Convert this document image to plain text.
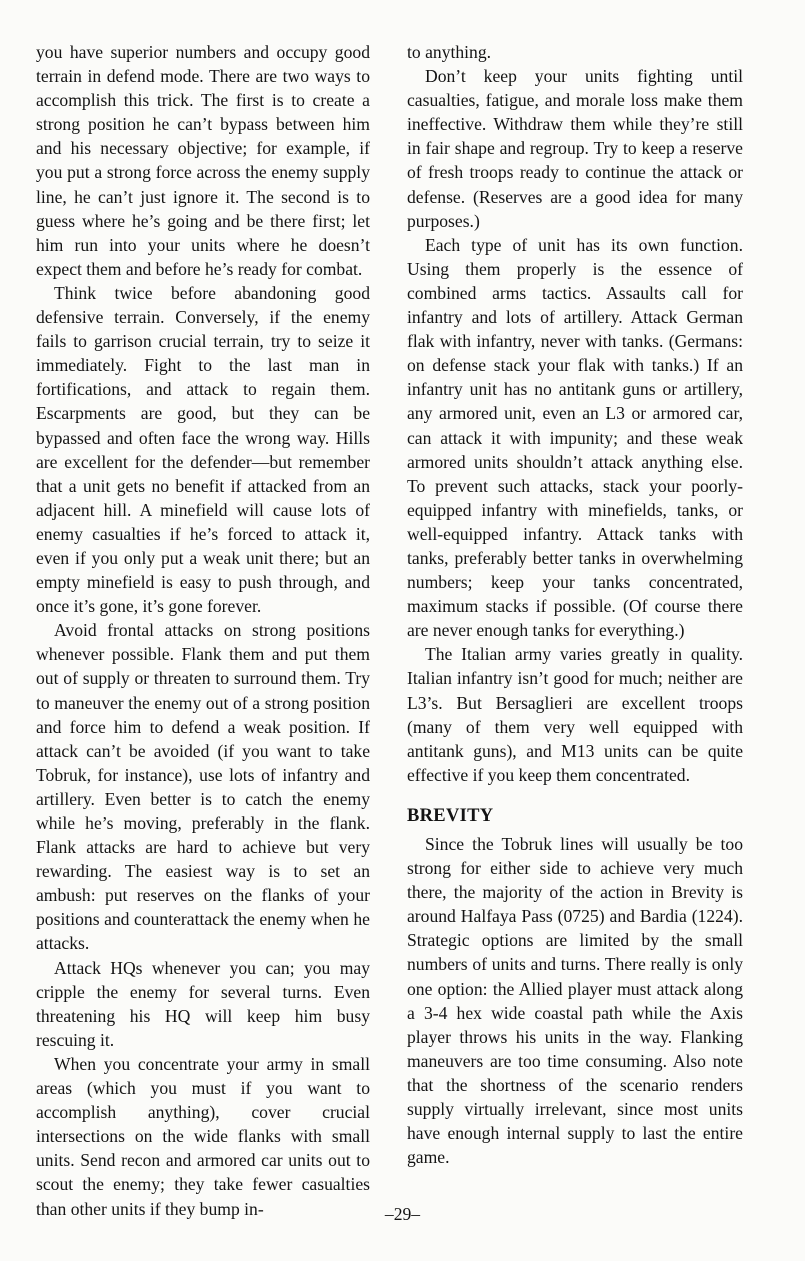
you have superior numbers and occupy good terrain in defend mode. There are two ways to accomplish this trick. The first is to create a strong position he can’t bypass between him and his necessary objective; for example, if you put a strong force across the enemy supply line, he can’t just ignore it. The second is to guess where he’s going and be there first; let him run into your units where he doesn’t expect them and before he’s ready for combat.

Think twice before abandoning good defensive terrain. Conversely, if the enemy fails to garrison crucial terrain, try to seize it immediately. Fight to the last man in fortifications, and attack to regain them. Escarpments are good, but they can be bypassed and often face the wrong way. Hills are excellent for the defender—but remember that a unit gets no benefit if attacked from an adjacent hill. A minefield will cause lots of enemy casualties if he’s forced to attack it, even if you only put a weak unit there; but an empty minefield is easy to push through, and once it’s gone, it’s gone forever.

Avoid frontal attacks on strong positions whenever possible. Flank them and put them out of supply or threaten to surround them. Try to maneuver the enemy out of a strong position and force him to defend a weak position. If attack can’t be avoided (if you want to take Tobruk, for instance), use lots of infantry and artillery. Even better is to catch the enemy while he’s moving, preferably in the flank. Flank attacks are hard to achieve but very rewarding. The easiest way is to set an ambush: put reserves on the flanks of your positions and counterattack the enemy when he attacks.

Attack HQs whenever you can; you may cripple the enemy for several turns. Even threatening his HQ will keep him busy rescuing it.

When you concentrate your army in small areas (which you must if you want to accomplish anything), cover crucial intersections on the wide flanks with small units. Send recon and armored car units out to scout the enemy; they take fewer casualties than other units if they bump in-

to anything.

Don’t keep your units fighting until casualties, fatigue, and morale loss make them ineffective. Withdraw them while they’re still in fair shape and regroup. Try to keep a reserve of fresh troops ready to continue the attack or defense. (Reserves are a good idea for many purposes.)

Each type of unit has its own function. Using them properly is the essence of combined arms tactics. Assaults call for infantry and lots of artillery. Attack German flak with infantry, never with tanks. (Germans: on defense stack your flak with tanks.) If an infantry unit has no antitank guns or artillery, any armored unit, even an L3 or armored car, can attack it with impunity; and these weak armored units shouldn’t attack anything else. To prevent such attacks, stack your poorly-equipped infantry with minefields, tanks, or well-equipped infantry. Attack tanks with tanks, preferably better tanks in overwhelming numbers; keep your tanks concentrated, maximum stacks if possible. (Of course there are never enough tanks for everything.)

The Italian army varies greatly in quality. Italian infantry isn’t good for much; neither are L3’s. But Bersaglieri are excellent troops (many of them very well equipped with antitank guns), and M13 units can be quite effective if you keep them concentrated.

BREVITY

Since the Tobruk lines will usually be too strong for either side to achieve very much there, the majority of the action in Brevity is around Halfaya Pass (0725) and Bardia (1224). Strategic options are limited by the small numbers of units and turns. There really is only one option: the Allied player must attack along a 3-4 hex wide coastal path while the Axis player throws his units in the way. Flanking maneuvers are too time consuming. Also note that the shortness of the scenario renders supply virtually irrelevant, since most units have enough internal supply to last the entire game.

–29–
